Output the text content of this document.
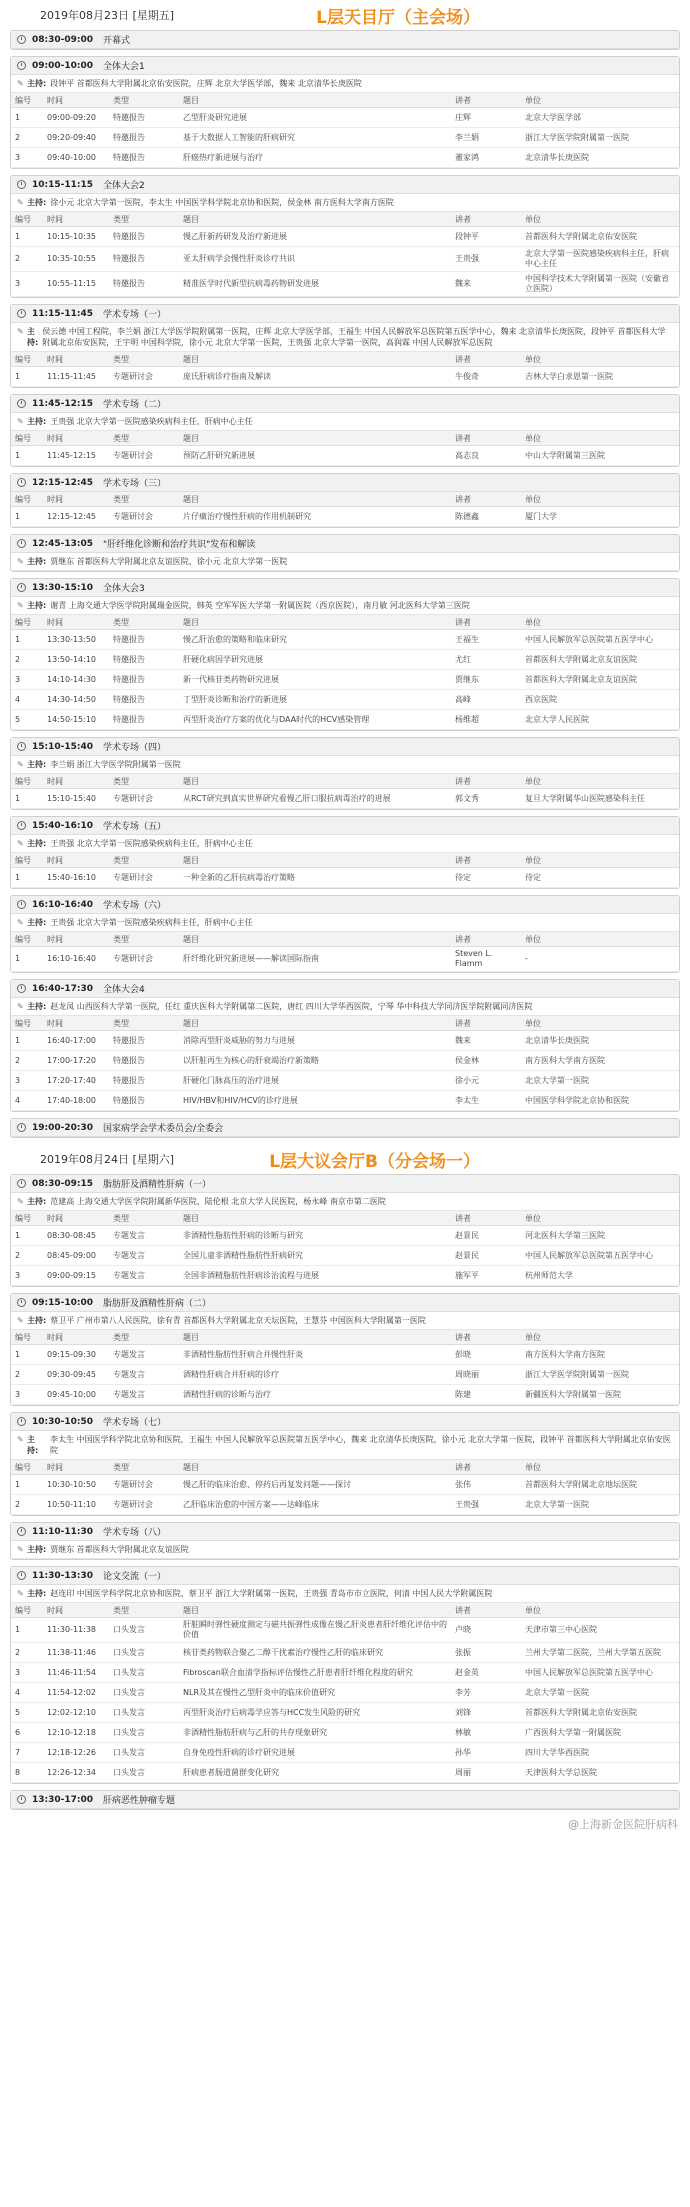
2019年08月23日 [星期五]	L层天目厅（主会场）
08:30-09:00 开幕式
09:00-10:00 全体大会1
✎ 主持: 段钟平 首都医科大学附属北京佑安医院，庄辉 北京大学医学部，魏来 北京清华长庚医院
编号	时间	类型	题目	讲者	单位
1	09:00-09:20	特邀报告	乙型肝炎研究进展	庄辉	北京大学医学部
2	09:20-09:40	特邀报告	基于大数据人工智能的肝病研究	李兰娟	浙江大学医学院附属第一医院
3	09:40-10:00	特邀报告	肝癌热疗新进展与治疗	董家鸿	北京清华长庚医院
10:15-11:15 全体大会2
✎ 主持: 徐小元 北京大学第一医院，李太生 中国医学科学院北京协和医院，侯金林 南方医科大学南方医院
编号	时间	类型	题目	讲者	单位
1	10:15-10:35	特邀报告	慢乙肝新药研发及治疗新进展	段钟平	首都医科大学附属北京佑安医院
2	10:35-10:55	特邀报告	亚太肝病学会慢性肝炎诊疗共识	王贵强	北京大学第一医院感染疾病科主任，肝病中心主任
3	10:55-11:15	特邀报告	精准医学时代新型抗病毒药物研发进展	魏来	中国科学技术大学附属第一医院（安徽省立医院）
11:15-11:45 学术专场（一）
✎ 主持:
侯云德 中国工程院，李兰娟 浙江大学医学院附属第一医院，庄辉 北京大学医学部，王福生 中国人民解放军总医院第五医学中心，魏来 北京清华长庚医院，段钟平 首都医科大学附属北京佑安医院，王宇明 中国科学院，徐小元 北京大学第一医院，王贵强 北京大学第一医院，高润霖 中国人民解放军总医院
编号	时间	类型	题目	讲者	单位
1	11:15-11:45	专题研讨会	庞氏肝病诊疗指南及解读	牛俊奇	吉林大学白求恩第一医院
11:45-12:15 学术专场（二）
✎ 主持: 王贵强 北京大学第一医院感染疾病科主任，肝病中心主任
编号	时间	类型	题目	讲者	单位
1	11:45-12:15	专题研讨会	预防乙肝研究新进展	高志良	中山大学附属第三医院
12:15-12:45 学术专场（三）
编号	时间	类型	题目	讲者	单位
1	12:15-12:45	专题研讨会	片仔癀治疗慢性肝病的作用机制研究	陈德鑫	厦门大学
12:45-13:05 "肝纤维化诊断和治疗共识"发布和解读
✎ 主持: 贾继东 首都医科大学附属北京友谊医院，徐小元 北京大学第一医院
13:30-15:10 全体大会3
✎ 主持: 谢青 上海交通大学医学院附属瑞金医院，韩英 空军军医大学第一附属医院（西京医院），南月敏 河北医科大学第三医院
编号	时间	类型	题目	讲者	单位
1	13:30-13:50	特邀报告	慢乙肝治愈的策略和临床研究	王福生	中国人民解放军总医院第五医学中心
2	13:50-14:10	特邀报告	肝硬化病因学研究进展	尤红	首都医科大学附属北京友谊医院
3	14:10-14:30	特邀报告	新一代核苷类药物研究进展	贾继东	首都医科大学附属北京友谊医院
4	14:30-14:50	特邀报告	丁型肝炎诊断和治疗的新进展	高峰	西京医院
5	14:50-15:10	特邀报告	丙型肝炎治疗方案的优化与DAA时代的HCV感染管理	杨维超	北京大学人民医院
15:10-15:40 学术专场（四）
✎ 主持: 李兰娟 浙江大学医学院附属第一医院
编号	时间	类型	题目	讲者	单位
1	15:10-15:40	专题研讨会	从RCT研究到真实世界研究看慢乙肝口服抗病毒治疗的进展	郭文秀	复旦大学附属华山医院感染科主任
15:40-16:10 学术专场（五）
✎ 主持: 王贵强 北京大学第一医院感染疾病科主任，肝病中心主任
编号	时间	类型	题目	讲者	单位
1	15:40-16:10	专题研讨会	一种全新的乙肝抗病毒治疗策略	待定	待定
16:10-16:40 学术专场（六）
✎ 主持: 王贵强 北京大学第一医院感染疾病科主任，肝病中心主任
编号	时间	类型	题目	讲者	单位
1	16:10-16:40	专题研讨会	肝纤维化研究新进展——解读国际指南	Steven L. Flamm	-
16:40-17:30 全体大会4
✎ 主持: 赵龙凤 山西医科大学第一医院，任红 重庆医科大学附属第二医院，唐红 四川大学华西医院，宁琴 华中科技大学同济医学院附属同济医院
编号	时间	类型	题目	讲者	单位
1	16:40-17:00	特邀报告	消除丙型肝炎威胁的努力与进展	魏来	北京清华长庚医院
2	17:00-17:20	特邀报告	以肝脏再生为核心的肝衰竭治疗新策略	侯金林	南方医科大学南方医院
3	17:20-17:40	特邀报告	肝硬化门脉高压的治疗进展	徐小元	北京大学第一医院
4	17:40-18:00	特邀报告	HIV/HBV和HIV/HCV的诊疗进展	李太生	中国医学科学院北京协和医院
19:00-20:30 国家病学会学术委员会/全委会
2019年08月24日 [星期六]	L层大议会厅B（分会场一）
08:30-09:15 脂肪肝及酒精性肝病（一）
✎ 主持: 范建高 上海交通大学医学院附属新华医院，陆伦根 北京大学人民医院，杨永峰 南京市第二医院
编号	时间	类型	题目	讲者	单位
1	08:30-08:45	专题发言	非酒精性脂肪性肝病的诊断与研究	赵景民	河北医科大学第三医院
2	08:45-09:00	专题发言	全国儿童非酒精性脂肪性肝病研究	赵景民	中国人民解放军总医院第五医学中心
3	09:00-09:15	专题发言	全国非酒精脂肪性肝病诊治流程与进展	施军平	杭州师范大学
09:15-10:00 脂肪肝及酒精性肝病（二）
✎ 主持: 蔡卫平 广州市第八人民医院，徐有青 首都医科大学附属北京天坛医院，王慧芬 中国医科大学附属第一医院
编号	时间	类型	题目	讲者	单位
1	09:15-09:30	专题发言	非酒精性脂肪性肝病合并慢性肝炎	彭晓	南方医科大学南方医院
2	09:30-09:45	专题发言	酒精性肝病合并肝病的诊疗	周晓丽	浙江大学医学院附属第一医院
3	09:45-10:00	专题发言	酒精性肝病的诊断与治疗	陈建	新疆医科大学附属第一医院
10:30-10:50 学术专场（七）
✎ 主持:
李太生 中国医学科学院北京协和医院，王福生 中国人民解放军总医院第五医学中心，魏来 北京清华长庚医院，徐小元 北京大学第一医院，段钟平 首都医科大学附属北京佑安医院
编号	时间	类型	题目	讲者	单位
1	10:30-10:50	专题研讨会	慢乙肝的临床治愈、停药后再复发问题——探讨	张伟	首都医科大学附属北京地坛医院
2	10:50-11:10	专题研讨会	乙肝临床治愈的中国方案——达峰临床	王贵强	北京大学第一医院
11:10-11:30 学术专场（八）
✎ 主持: 贾继东 首都医科大学附属北京友谊医院
11:30-13:30 论文交流（一）
✎ 主持: 赵连印 中国医学科学院北京协和医院，蔡卫平 浙江大学附属第一医院，王贵强 青岛市市立医院，何清 中国人民大学附属医院
编号	时间	类型	题目	讲者	单位
1	11:30-11:38	口头发言	肝脏瞬时弹性硬度测定与磁共振弹性成像在慢乙肝炎患者肝纤维化评估中的价值	卢晓	天津市第三中心医院
2	11:38-11:46	口头发言	核苷类药物联合聚乙二醇干扰素治疗慢性乙肝的临床研究	张振	兰州大学第二医院，兰州大学第五医院
3	11:46-11:54	口头发言	Fibroscan联合血清学指标评估慢性乙肝患者肝纤维化程度的研究	赵金英	中国人民解放军总医院第五医学中心
4	11:54-12:02	口头发言	NLR及其在慢性乙型肝炎中的临床价值研究	李芳	北京大学第一医院
5	12:02-12:10	口头发言	丙型肝炎治疗后病毒学应答与HCC发生风险的研究	刘锋	首都医科大学附属北京佑安医院
6	12:10-12:18	口头发言	非酒精性脂肪肝病与乙肝的共存现象研究	林敏	广西医科大学第一附属医院
7	12:18-12:26	口头发言	自身免疫性肝病的诊疗研究进展	孙华	四川大学华西医院
8	12:26-12:34	口头发言	肝病患者肠道菌群变化研究	周丽	天津医科大学总医院
13:30-17:00 肝病恶性肿瘤专题
@上海新金医院肝病科
